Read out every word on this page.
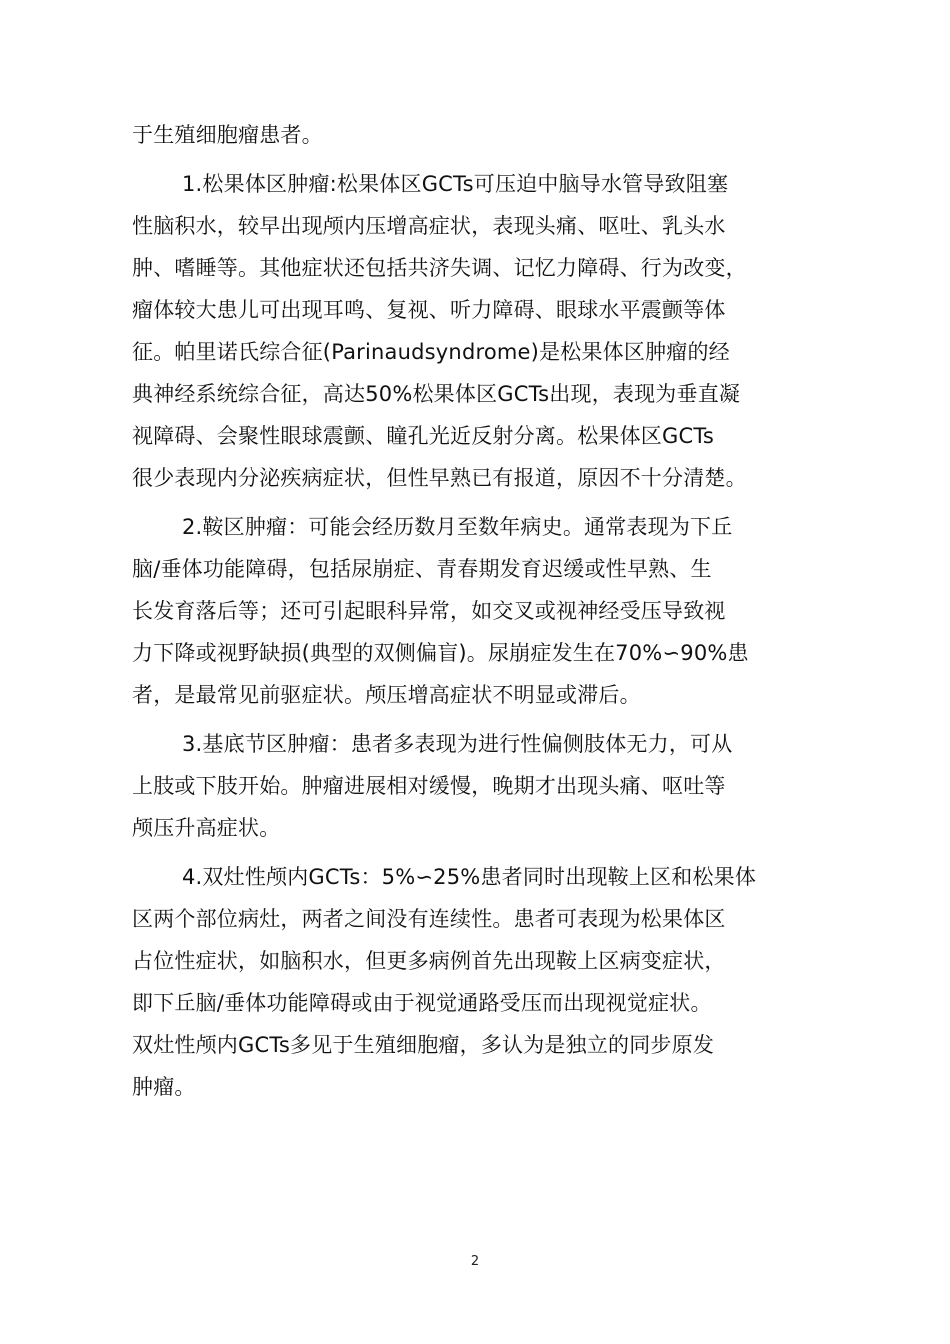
于生殖细胞瘤患者。
1.松果体区肿瘤:松果体区GCTs可压迫中脑导水管导致阻塞
性脑积水，较早出现颅内压增高症状，表现头痛、呕吐、乳头水
肿、嗜睡等。其他症状还包括共济失调、记忆力障碍、行为改变，
瘤体较大患儿可出现耳鸣、复视、听力障碍、眼球水平震颤等体
征。帕里诺氏综合征(Parinaudsyndrome)是松果体区肿瘤的经
典神经系统综合征，高达50%松果体区GCTs出现，表现为垂直凝
视障碍、会聚性眼球震颤、瞳孔光近反射分离。松果体区GCTs
很少表现内分泌疾病症状，但性早熟已有报道，原因不十分清楚。
2.鞍区肿瘤：可能会经历数月至数年病史。通常表现为下丘
脑/垂体功能障碍，包括尿崩症、青春期发育迟缓或性早熟、生
长发育落后等；还可引起眼科异常，如交叉或视神经受压导致视
力下降或视野缺损(典型的双侧偏盲)。尿崩症发生在70%∽90%患
者，是最常见前驱症状。颅压增高症状不明显或滞后。
3.基底节区肿瘤：患者多表现为进行性偏侧肢体无力，可从
上肢或下肢开始。肿瘤进展相对缓慢，晚期才出现头痛、呕吐等
颅压升高症状。
4.双灶性颅内GCTs：5%∽25%患者同时出现鞍上区和松果体
区两个部位病灶，两者之间没有连续性。患者可表现为松果体区
占位性症状，如脑积水，但更多病例首先出现鞍上区病变症状，
即下丘脑/垂体功能障碍或由于视觉通路受压而出现视觉症状。
双灶性颅内GCTs多见于生殖细胞瘤，多认为是独立的同步原发
肿瘤。
2
